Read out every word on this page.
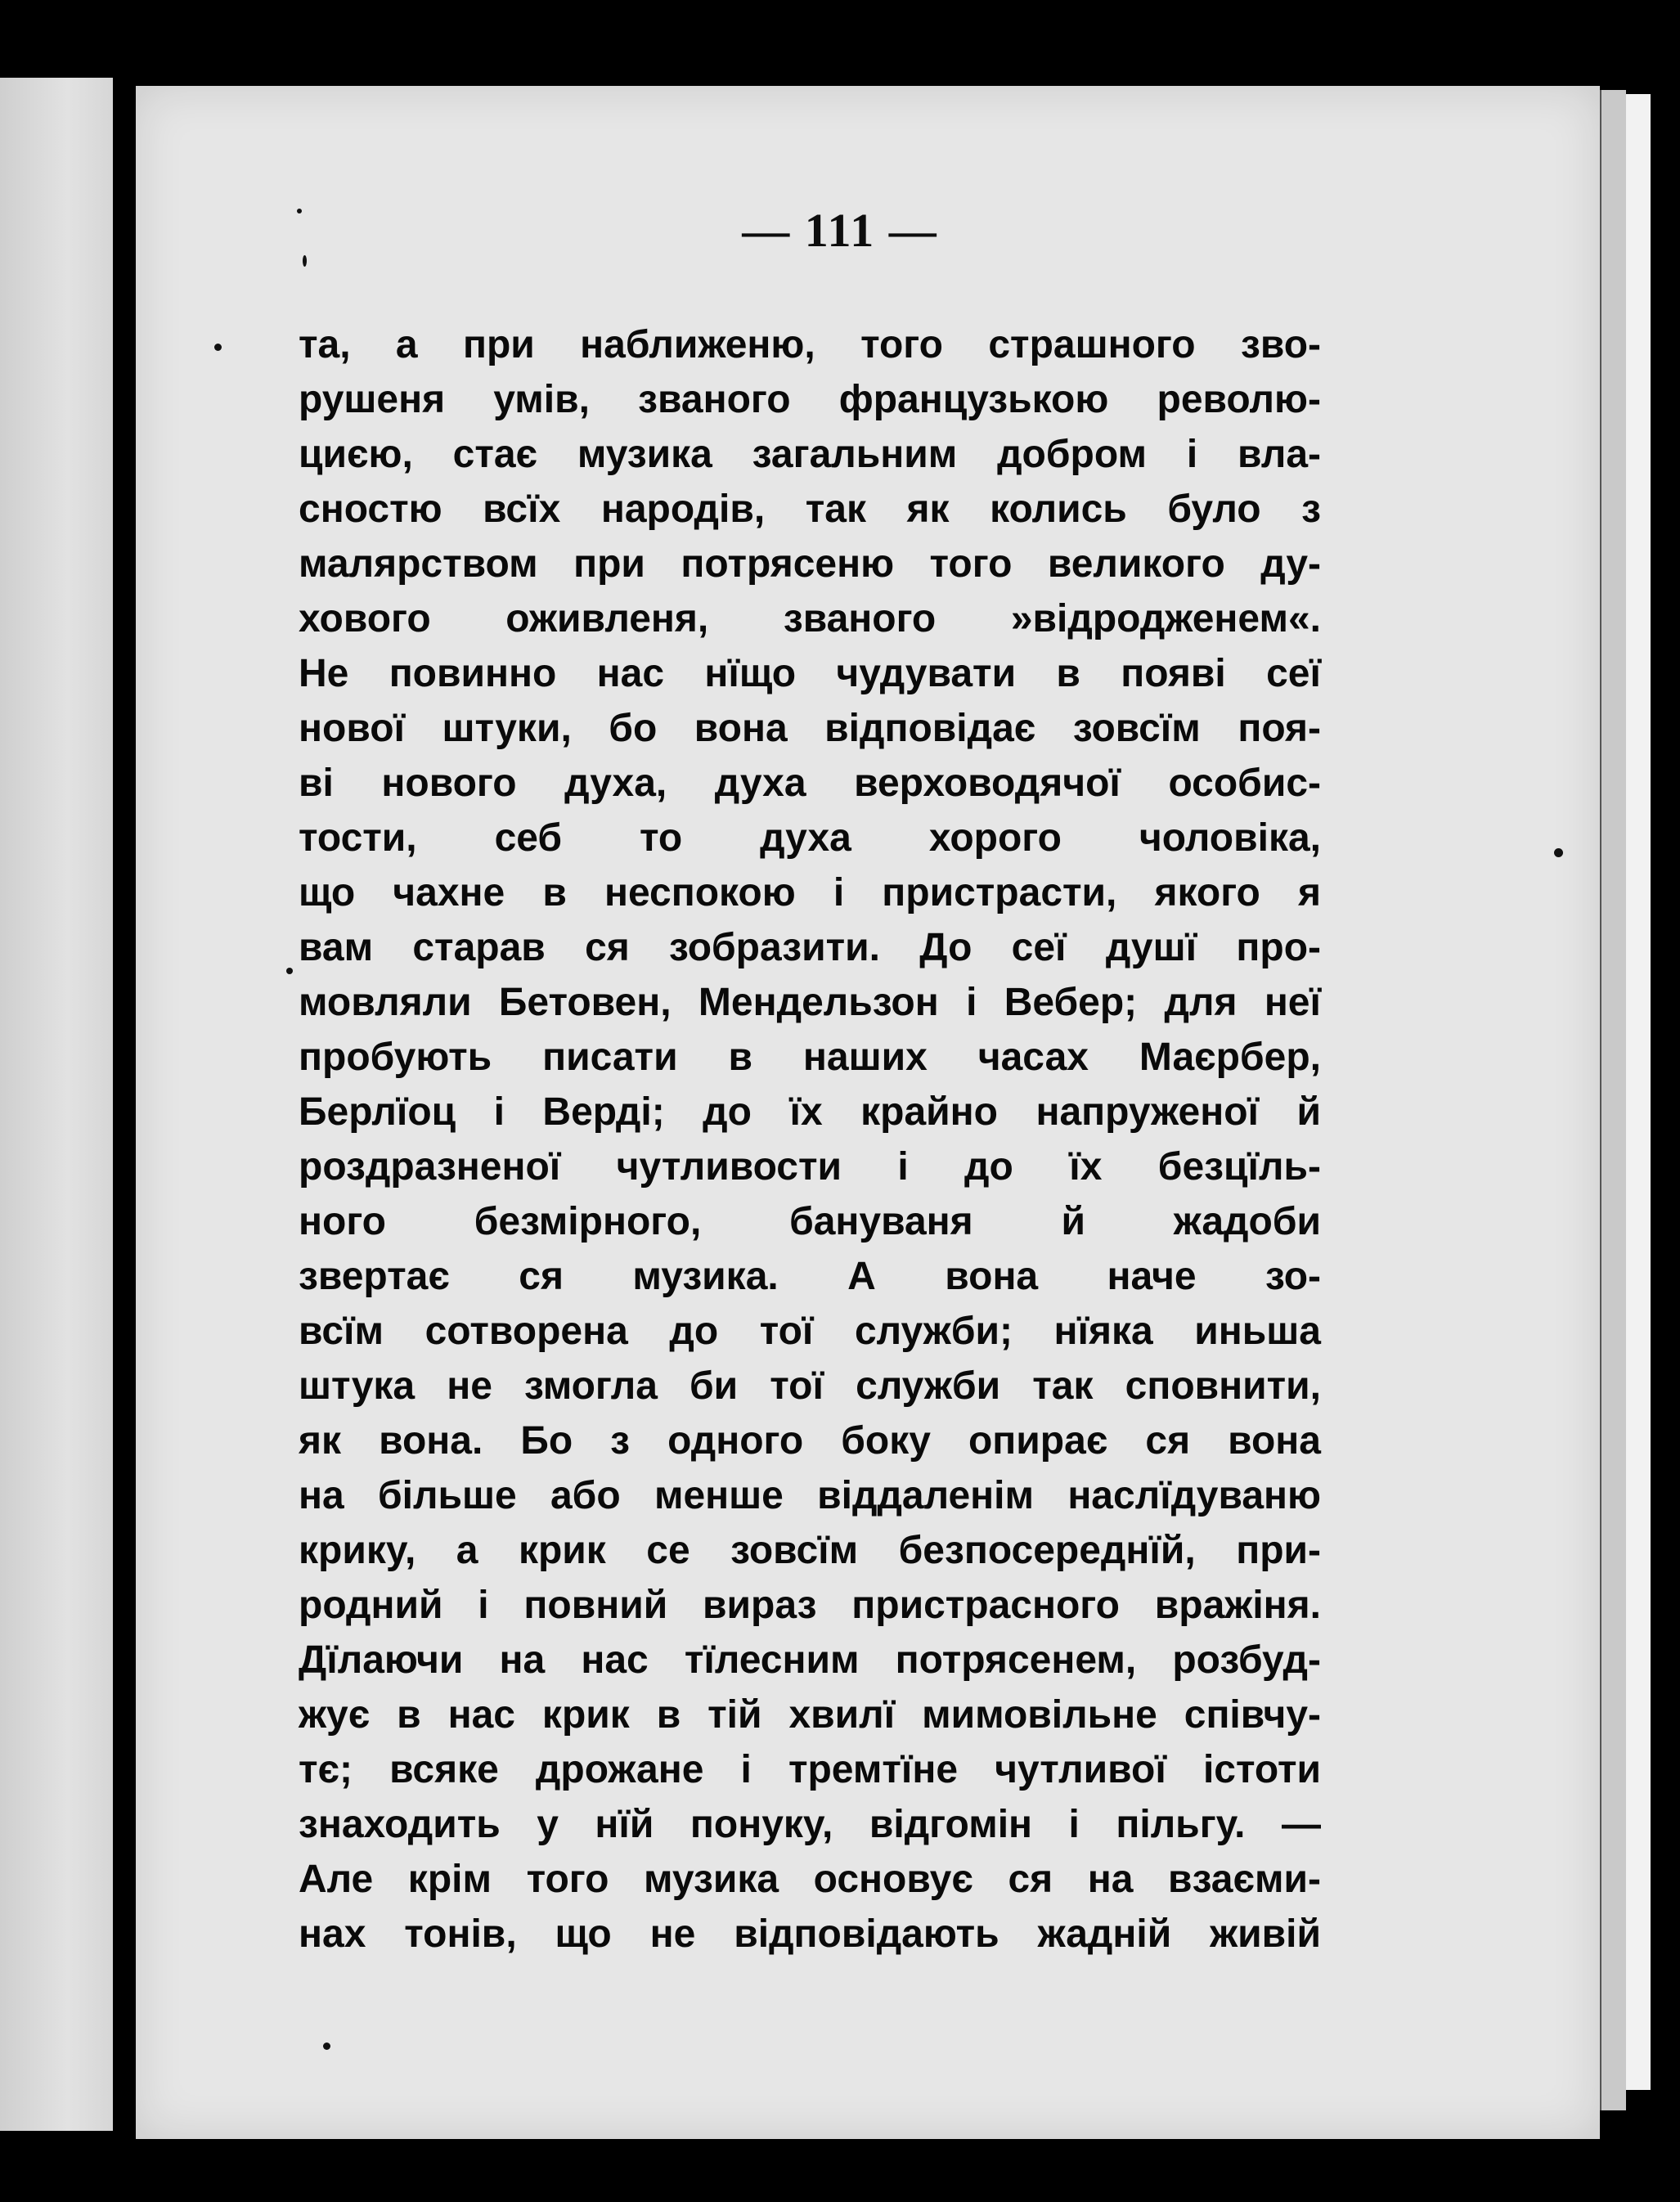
— 111 —
та, а при наближеню, того страшного зво-
рушеня умів, званого французькою револю-
циєю, стає музика загальним добром і вла-
сностю всїх народів, так як колись було з
малярством при потрясеню того великого ду-
хового оживленя, званого »відродженем«.
Не повинно нас нїщо чудувати в появі сеї
нової штуки, бо вона відповідає зовсїм поя-
ві нового духа, духа верховодячої особис-
тости, себ то духа хорого чоловіка,
що чахне в неспокою і пристрасти, якого я
вам старав ся зобразити. До сеї душї про-
мовляли Бетовен, Мендельзон і Вебер; для неї
пробують писати в наших часах Маєрбер,
Берлїоц і Верді; до їх крайно напруженої й
роздразненої чутливости і до їх безцїль-
ного безмірного, бануваня й жадоби
звертає ся музика. А вона наче зо-
всїм сотворена до тої служби; нїяка иньша
штука не змогла би тої служби так сповнити,
як вона. Бо з одного боку опирає ся вона
на більше або менше віддаленім наслїдуваню
крику, а крик се зовсїм безпосереднїй, при-
родний і повний вираз пристрасного вражіня.
Дїлаючи на нас тїлесним потрясенем, розбуд-
жує в нас крик в тій хвилї мимовільне співчу-
тє; всяке дрожане і тремтїне чутливої істоти
знаходить у нїй понуку, відгомін і пільгу. —
Але крім того музика основує ся на взаєми-
нах тонів, що не відповідають жадній живій
